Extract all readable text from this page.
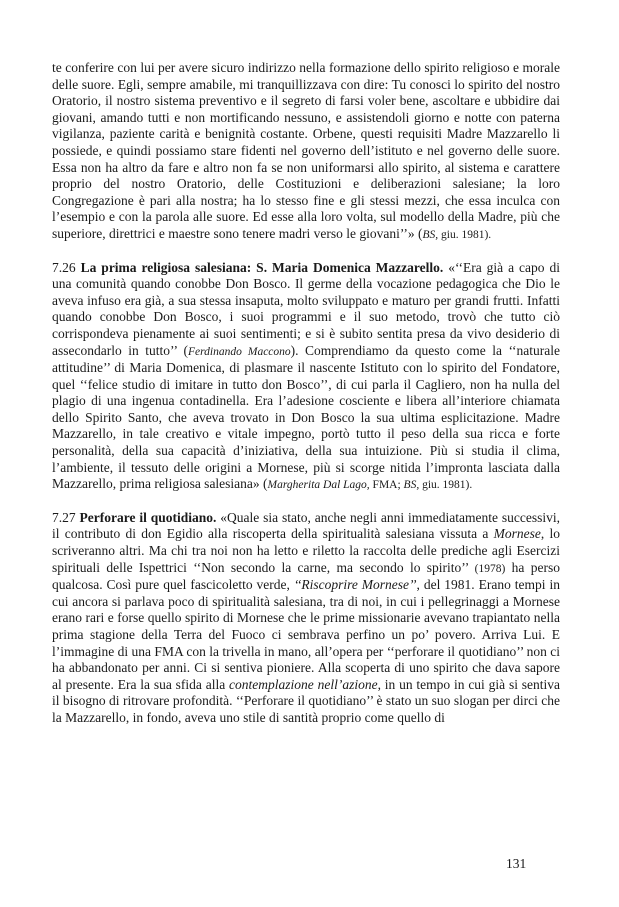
te conferire con lui per avere sicuro indirizzo nella formazione dello spirito religioso e morale delle suore. Egli, sempre amabile, mi tranquillizzava con dire: Tu conosci lo spirito del nostro Oratorio, il nostro sistema preventivo e il segreto di farsi voler bene, ascoltare e ubbidire dai giovani, amando tutti e non mortificando nessuno, e assistendoli giorno e notte con paterna vigilanza, paziente carità e benignità costante. Orbene, questi requisiti Madre Mazzarello li possiede, e quindi possiamo stare fidenti nel governo dell’istituto e nel governo delle suore. Essa non ha altro da fare e altro non fa se non uniformarsi allo spirito, al sistema e carattere proprio del nostro Oratorio, delle Costituzioni e deliberazioni salesiane; la loro Congregazione è pari alla nostra; ha lo stesso fine e gli stessi mezzi, che essa inculca con l’esempio e con la parola alle suore. Ed esse alla loro volta, sul modello della Madre, più che superiore, direttrici e maestre sono tenere madri verso le giovani’’» (BS, giu. 1981).

7.26 La prima religiosa salesiana: S. Maria Domenica Mazzarello. «‘‘Era già a capo di una comunità quando conobbe Don Bosco. Il germe della vocazione pedagogica che Dio le aveva infuso era già, a sua stessa insaputa, molto sviluppato e maturo per grandi frutti. Infatti quando conobbe Don Bosco, i suoi programmi e il suo metodo, trovò che tutto ciò corrispondeva pienamente ai suoi sentimenti; e si è subito sentita presa da vivo desiderio di assecondarlo in tutto’’ (Ferdinando Maccono). Comprendiamo da questo come la ‘‘naturale attitudine’’ di Maria Domenica, di plasmare il nascente Istituto con lo spirito del Fondatore, quel ‘‘felice studio di imitare in tutto don Bosco’’, di cui parla il Cagliero, non ha nulla del plagio di una ingenua contadinella. Era l’adesione cosciente e libera all’interiore chiamata dello Spirito Santo, che aveva trovato in Don Bosco la sua ultima esplicitazione. Madre Mazzarello, in tale creativo e vitale impegno, portò tutto il peso della sua ricca e forte personalità, della sua capacità d’iniziativa, della sua intuizione. Più si studia il clima, l’ambiente, il tessuto delle origini a Mornese, più si scorge nitida l’impronta lasciata dalla Mazzarello, prima religiosa salesiana» (Margherita Dal Lago, FMA; BS, giu. 1981).

7.27 Perforare il quotidiano. «Quale sia stato, anche negli anni immediatamente successivi, il contributo di don Egidio alla riscoperta della spiritualità salesiana vissuta a Mornese, lo scriveranno altri. Ma chi tra noi non ha letto e riletto la raccolta delle prediche agli Esercizi spirituali delle Ispettrici ‘‘Non secondo la carne, ma secondo lo spirito’’ (1978) ha perso qualcosa. Così pure quel fascicoletto verde, ‘‘Riscoprire Mornese’’, del 1981. Erano tempi in cui ancora si parlava poco di spiritualità salesiana, tra di noi, in cui i pellegrinaggi a Mornese erano rari e forse quello spirito di Mornese che le prime missionarie avevano trapiantato nella prima stagione della Terra del Fuoco ci sembrava perfino un po’ povero. Arriva Lui. E l’immagine di una FMA con la trivella in mano, all’opera per ‘‘perforare il quotidiano’’ non ci ha abbandonato per anni. Ci si sentiva pioniere. Alla scoperta di uno spirito che dava sapore al presente. Era la sua sfida alla contemplazione nell’azione, in un tempo in cui già si sentiva il bisogno di ritrovare profondità. ‘‘Perforare il quotidiano’’ è stato un suo slogan per dirci che la Mazzarello, in fondo, aveva uno stile di santità proprio come quello di

131
